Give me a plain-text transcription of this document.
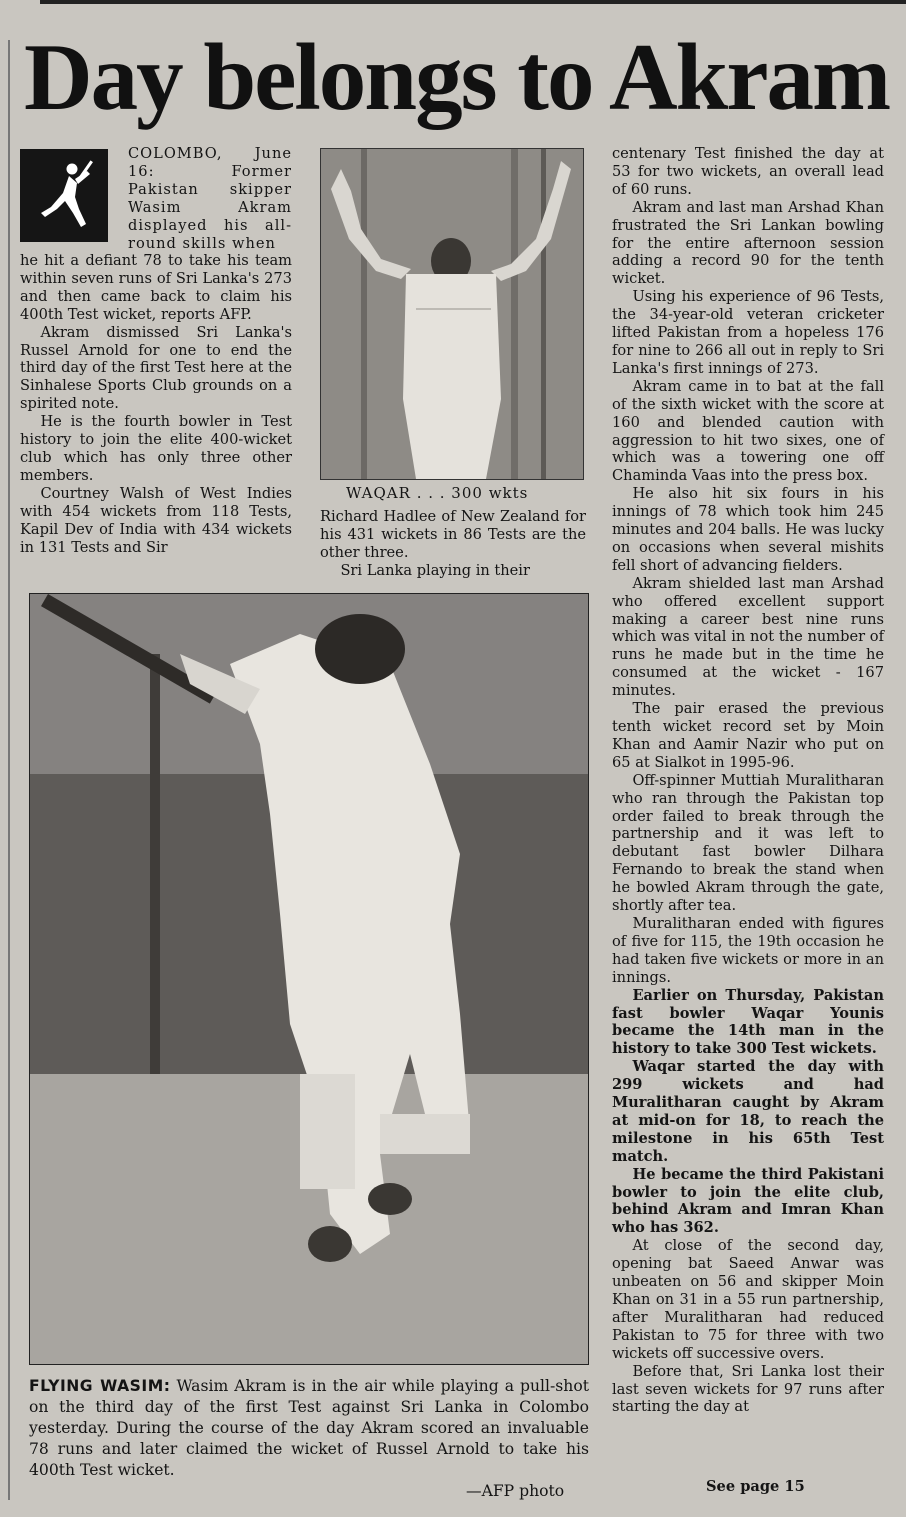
Day belongs to Akram

COLOMBO, June 16: Former Pakistan skipper Wasim Akram displayed his all-round skills when

he hit a defiant 78 to take his team within seven runs of Sri Lanka's 273 and then came back to claim his 400th Test wicket, reports AFP.

Akram dismissed Sri Lanka's Russel Arnold for one to end the third day of the first Test here at the Sinhalese Sports Club grounds on a spirited note.

He is the fourth bowler in Test history to join the elite 400-wicket club which has only three other members.

Courtney Walsh of West Indies with 454 wickets from 118 Tests, Kapil Dev of India with 434 wickets in 131 Tests and Sir

WAQAR . . . 300 wkts

Richard Hadlee of New Zealand for his 431 wickets in 86 Tests are the other three.

Sri Lanka playing in their

centenary Test finished the day at 53 for two wickets, an overall lead of 60 runs.

Akram and last man Arshad Khan frustrated the Sri Lankan bowling for the entire afternoon session adding a record 90 for the tenth wicket.

Using his experience of 96 Tests, the 34-year-old veteran cricketer lifted Pakistan from a hopeless 176 for nine to 266 all out in reply to Sri Lanka's first innings of 273.

Akram came in to bat at the fall of the sixth wicket with the score at 160 and blended caution with aggression to hit two sixes, one of which was a towering one off Chaminda Vaas into the press box.

He also hit six fours in his innings of 78 which took him 245 minutes and 204 balls. He was lucky on occasions when several mishits fell short of advancing fielders.

Akram shielded last man Arshad who offered excellent support making a career best nine runs which was vital in not the number of runs he made but in the time he consumed at the wicket - 167 minutes.

The pair erased the previous tenth wicket record set by Moin Khan and Aamir Nazir who put on 65 at Sialkot in 1995-96.

Off-spinner Muttiah Muralitharan who ran through the Pakistan top order failed to break through the partnership and it was left to debutant fast bowler Dilhara Fernando to break the stand when he bowled Akram through the gate, shortly after tea.

Muralitharan ended with figures of five for 115, the 19th occasion he had taken five wickets or more in an innings.

Earlier on Thursday, Pakistan fast bowler Waqar Younis became the 14th man in the history to take 300 Test wickets.

Waqar started the day with 299 wickets and had Muralitharan caught by Akram at mid-on for 18, to reach the milestone in his 65th Test match.

He became the third Pakistani bowler to join the elite club, behind Akram and Imran Khan who has 362.

At close of the second day, opening bat Saeed Anwar was unbeaten on 56 and skipper Moin Khan on 31 in a 55 run partnership, after Muralitharan had reduced Pakistan to 75 for three with two wickets off successive overs.

Before that, Sri Lanka lost their last seven wickets for 97 runs after starting the day at

FLYING WASIM: Wasim Akram is in the air while playing a pull-shot on the third day of the first Test against Sri Lanka in Colombo yesterday. During the course of the day Akram scored an invaluable 78 runs and later claimed the wicket of Russel Arnold to take his 400th Test wicket.
—AFP photo	See page 15
